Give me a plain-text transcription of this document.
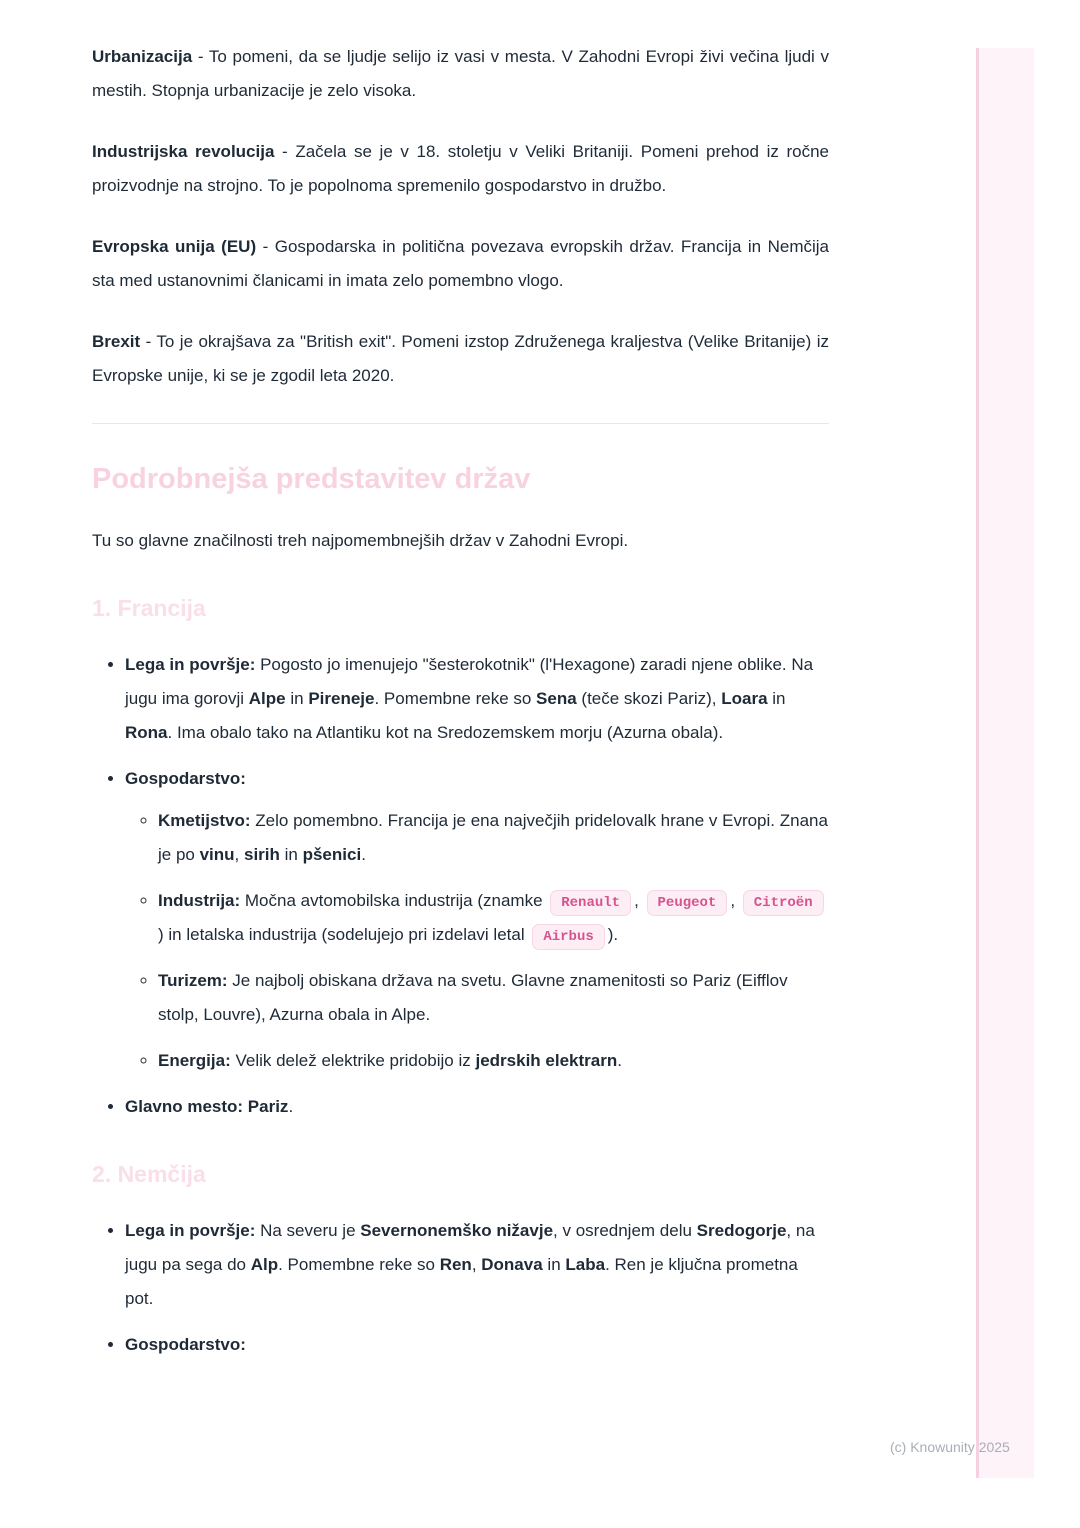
Urbanizacija - To pomeni, da se ljudje selijo iz vasi v mesta. V Zahodni Evropi živi večina ljudi v mestih. Stopnja urbanizacije je zelo visoka.

Industrijska revolucija - Začela se je v 18. stoletju v Veliki Britaniji. Pomeni prehod iz ročne proizvodnje na strojno. To je popolnoma spremenilo gospodarstvo in družbo.

Evropska unija (EU) - Gospodarska in politična povezava evropskih držav. Francija in Nemčija sta med ustanovnimi članicami in imata zelo pomembno vlogo.

Brexit - To je okrajšava za "British exit". Pomeni izstop Združenega kraljestva (Velike Britanije) iz Evropske unije, ki se je zgodil leta 2020.

Podrobnejša predstavitev držav

Tu so glavne značilnosti treh najpomembnejših držav v Zahodni Evropi.

1. Francija
• Lega in površje: Pogosto jo imenujejo "šesterokotnik" (l'Hexagone) zaradi njene oblike. Na jugu ima gorovji Alpe in Pireneje. Pomembne reke so Sena (teče skozi Pariz), Loara in Rona. Ima obalo tako na Atlantiku kot na Sredozemskem morju (Azurna obala).
• Gospodarstvo:
◦ Kmetijstvo: Zelo pomembno. Francija je ena največjih pridelovalk hrane v Evropi. Znana je po vinu, sirih in pšenici.
◦ Industrija: Močna avtomobilska industrija (znamke Renault , Peugeot , Citroën) in letalska industrija (sodelujejo pri izdelavi letal Airbus ).
◦ Turizem: Je najbolj obiskana država na svetu. Glavne znamenitosti so Pariz (Eifflov stolp, Louvre), Azurna obala in Alpe.
◦ Energija: Velik delež elektrike pridobijo iz jedrskih elektrarn.
• Glavno mesto: Pariz.
2. Nemčija
• Lega in površje: Na severu je Severnonemško nižavje, v osrednjem delu Sredogorje, na jugu pa sega do Alp. Pomembne reke so Ren, Donava in Laba. Ren je ključna prometna pot.
• Gospodarstvo:
(c) Knowunity 2025
